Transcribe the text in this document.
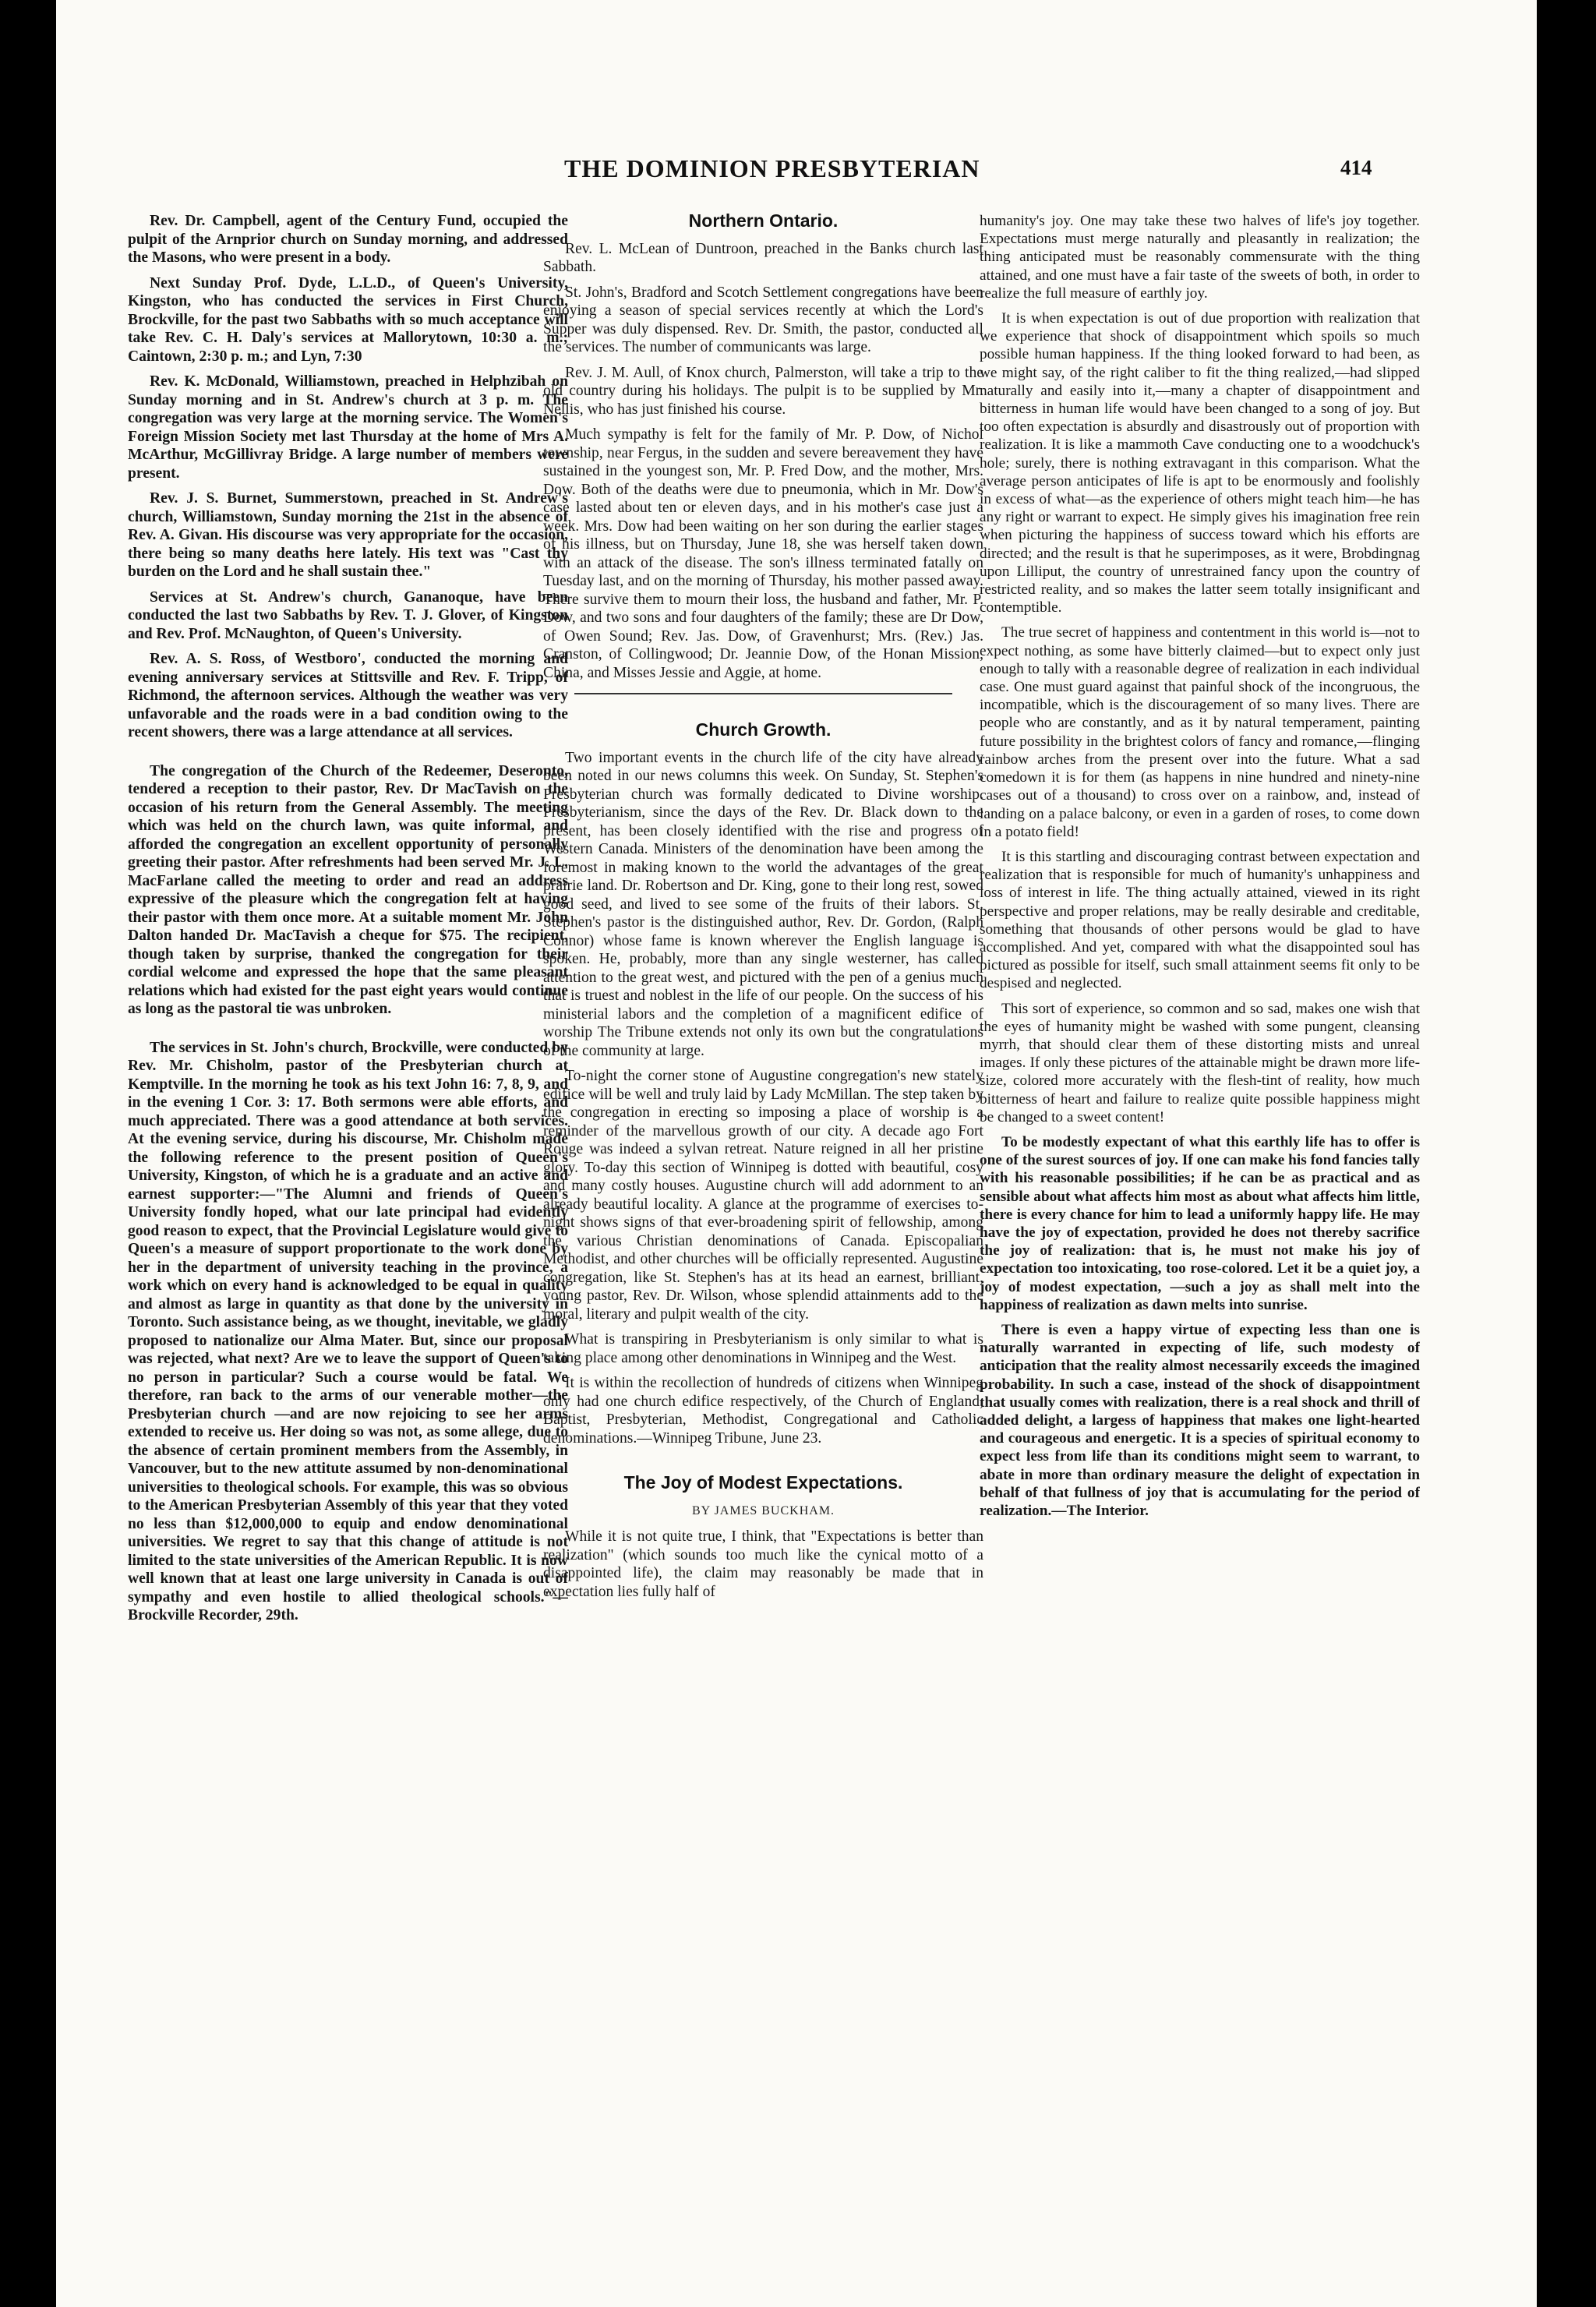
THE DOMINION PRESBYTERIAN	414

Rev. Dr. Campbell, agent of the Century Fund, occupied the pulpit of the Arnprior church on Sunday morning, and addressed the Masons, who were present in a body.

Next Sunday Prof. Dyde, L.L.D., of Queen's University, Kingston, who has conducted the services in First Church, Brockville, for the past two Sabbaths with so much acceptance will take Rev. C. H. Daly's services at Mallorytown, 10:30 a. m.; Caintown, 2:30 p. m.; and Lyn, 7:30

Rev. K. McDonald, Williamstown, preached in Helphzibah on Sunday morning and in St. Andrew's church at 3 p. m. The congregation was very large at the morning service. The Women's Foreign Mission Society met last Thursday at the home of Mrs A. McArthur, McGillivray Bridge. A large number of members were present.

Rev. J. S. Burnet, Summerstown, preached in St. Andrew's church, Williamstown, Sunday morning the 21st in the absence of Rev. A. Givan. His discourse was very appropriate for the occasion, there being so many deaths here lately. His text was "Cast thy burden on the Lord and he shall sustain thee."

Services at St. Andrew's church, Gananoque, have been conducted the last two Sabbaths by Rev. T. J. Glover, of Kingston and Rev. Prof. McNaughton, of Queen's University.

Rev. A. S. Ross, of Westboro', conducted the morning and evening anniversary services at Stittsville and Rev. F. Tripp, of Richmond, the afternoon services. Although the weather was very unfavorable and the roads were in a bad condition owing to the recent showers, there was a large attendance at all services.

The congregation of the Church of the Redeemer, Deseronto, tendered a reception to their pastor, Rev. Dr MacTavish on the occasion of his return from the General Assembly. The meeting which was held on the church lawn, was quite informal, and afforded the congregation an excellent opportunity of personally greeting their pastor. After refreshments had been served Mr. J. L. MacFarlane called the meeting to order and read an address expressive of the pleasure which the congregation felt at having their pastor with them once more. At a suitable moment Mr. John Dalton handed Dr. MacTavish a cheque for $75. The recipient, though taken by surprise, thanked the congregation for their cordial welcome and expressed the hope that the same pleasant relations which had existed for the past eight years would continue as long as the pastoral tie was unbroken.

The services in St. John's church, Brockville, were conducted by Rev. Mr. Chisholm, pastor of the Presbyterian church at Kemptville. In the morning he took as his text John 16: 7, 8, 9, and in the evening 1 Cor. 3: 17. Both sermons were able efforts, and much appreciated. There was a good attendance at both services. At the evening service, during his discourse, Mr. Chisholm made the following reference to the present position of Queen's University, Kingston, of which he is a graduate and an active and earnest supporter:—"The Alumni and friends of Queen's University fondly hoped, what our late principal had evidently good reason to expect, that the Provincial Legislature would give to Queen's a measure of support proportionate to the work done by her in the department of university teaching in the province, a work which on every hand is acknowledged to be equal in quality and almost as large in quantity as that done by the university in Toronto. Such assistance being, as we thought, inevitable, we gladly proposed to nationalize our Alma Mater. But, since our proposal was rejected, what next? Are we to leave the support of Queen's to no person in particular? Such a course would be fatal. We therefore, ran back to the arms of our venerable mother—the Presbyterian church —and are now rejoicing to see her arms extended to receive us. Her doing so was not, as some allege, due to the absence of certain prominent members from the Assembly, in Vancouver, but to the new attitute assumed by non-denominational universities to theological schools. For example, this was so obvious to the American Presbyterian Assembly of this year that they voted no less than $12,000,000 to equip and endow denominational universities. We regret to say that this change of attitude is not limited to the state universities of the American Republic. It is now well known that at least one large university in Canada is out of sympathy and even hostile to allied theological schools."—Brockville Recorder, 29th.

Northern Ontario.

Rev. L. McLean of Duntroon, preached in the Banks church last Sabbath.

St. John's, Bradford and Scotch Settlement congregations have been enjoying a season of special services recently at which the Lord's Supper was duly dispensed. Rev. Dr. Smith, the pastor, conducted all the services. The number of communicants was large.

Rev. J. M. Aull, of Knox church, Palmerston, will take a trip to the old country during his holidays. The pulpit is to be supplied by Mr. Nellis, who has just finished his course.

Much sympathy is felt for the family of Mr. P. Dow, of Nichol township, near Fergus, in the sudden and severe bereavement they have sustained in the youngest son, Mr. P. Fred Dow, and the mother, Mrs. Dow. Both of the deaths were due to pneumonia, which in Mr. Dow's case lasted about ten or eleven days, and in his mother's case just a week. Mrs. Dow had been waiting on her son during the earlier stages of his illness, but on Thursday, June 18, she was herself taken down with an attack of the disease. The son's illness terminated fatally on Tuesday last, and on the morning of Thursday, his mother passed away. There survive them to mourn their loss, the husband and father, Mr. P. Dow, and two sons and four daughters of the family; these are Dr Dow, of Owen Sound; Rev. Jas. Dow, of Gravenhurst; Mrs. (Rev.) Jas. Cranston, of Collingwood; Dr. Jeannie Dow, of the Honan Mission, China, and Misses Jessie and Aggie, at home.

Church Growth.

Two important events in the church life of the city have already been noted in our news columns this week. On Sunday, St. Stephen's Presbyterian church was formally dedicated to Divine worship. Presbyterianism, since the days of the Rev. Dr. Black down to the present, has been closely identified with the rise and progress of Western Canada. Ministers of the denomination have been among the foremost in making known to the world the advantages of the great prairie land. Dr. Robertson and Dr. King, gone to their long rest, sowed good seed, and lived to see some of the fruits of their labors. St. Stephen's pastor is the distinguished author, Rev. Dr. Gordon, (Ralph Connor) whose fame is known wherever the English language is spoken. He, probably, more than any single westerner, has called attention to the great west, and pictured with the pen of a genius much that is truest and noblest in the life of our people. On the success of his ministerial labors and the completion of a magnificent edifice of worship The Tribune extends not only its own but the congratulations of the community at large.

To-night the corner stone of Augustine congregation's new stately edifice will be well and truly laid by Lady McMillan. The step taken by the congregation in erecting so imposing a place of worship is a reminder of the marvellous growth of our city. A decade ago Fort Rouge was indeed a sylvan retreat. Nature reigned in all her pristine glory. To-day this section of Winnipeg is dotted with beautiful, cosy and many costly houses. Augustine church will add adornment to an already beautiful locality. A glance at the programme of exercises to-night shows signs of that ever-broadening spirit of fellowship, among the various Christian denominations of Canada. Episcopalian Methodist, and other churches will be officially represented. Augustine congregation, like St. Stephen's has at its head an earnest, brilliant, young pastor, Rev. Dr. Wilson, whose splendid attainments add to the moral, literary and pulpit wealth of the city.

What is transpiring in Presbyterianism is only similar to what is taking place among other denominations in Winnipeg and the West.

It is within the recollection of hundreds of citizens when Winnipeg only had one church edifice respectively, of the Church of England, Baptist, Presbyterian, Methodist, Congregational and Catholic denominations.—Winnipeg Tribune, June 23.

The Joy of Modest Expectations.
BY JAMES BUCKHAM.

While it is not quite true, I think, that "Expectations is better than realization" (which sounds too much like the cynical motto of a disappointed life), the claim may reasonably be made that in expectation lies fully half of

humanity's joy. One may take these two halves of life's joy together. Expectations must merge naturally and pleasantly in realization; the thing anticipated must be reasonably commensurate with the thing attained, and one must have a fair taste of the sweets of both, in order to realize the full measure of earthly joy.

It is when expectation is out of due proportion with realization that we experience that shock of disappointment which spoils so much possible human happiness. If the thing looked forward to had been, as we might say, of the right caliber to fit the thing realized,—had slipped naturally and easily into it,—many a chapter of disappointment and bitterness in human life would have been changed to a song of joy. But too often expectation is absurdly and disastrously out of proportion with realization. It is like a mammoth Cave conducting one to a woodchuck's hole; surely, there is nothing extravagant in this comparison. What the average person anticipates of life is apt to be enormously and foolishly in excess of what—as the experience of others might teach him—he has any right or warrant to expect. He simply gives his imagination free rein when picturing the happiness of success toward which his efforts are directed; and the result is that he superimposes, as it were, Brobdingnag upon Lilliput, the country of unrestrained fancy upon the country of restricted reality, and so makes the latter seem totally insignificant and contemptible.

The true secret of happiness and contentment in this world is—not to expect nothing, as some have bitterly claimed—but to expect only just enough to tally with a reasonable degree of realization in each individual case. One must guard against that painful shock of the incongruous, the incompatible, which is the discouragement of so many lives. There are people who are constantly, and as it by natural temperament, painting future possibility in the brightest colors of fancy and romance,—flinging rainbow arches from the present over into the future. What a sad comedown it is for them (as happens in nine hundred and ninety-nine cases out of a thousand) to cross over on a rainbow, and, instead of landing on a palace balcony, or even in a garden of roses, to come down in a potato field!

It is this startling and discouraging contrast between expectation and realization that is responsible for much of humanity's unhappiness and loss of interest in life. The thing actually attained, viewed in its right perspective and proper relations, may be really desirable and creditable, something that thousands of other persons would be glad to have accomplished. And yet, compared with what the disappointed soul has pictured as possible for itself, such small attainment seems fit only to be despised and neglected.

This sort of experience, so common and so sad, makes one wish that the eyes of humanity might be washed with some pungent, cleansing myrrh, that should clear them of these distorting mists and unreal images. If only these pictures of the attainable might be drawn more life-size, colored more accurately with the flesh-tint of reality, how much bitterness of heart and failure to realize quite possible happiness might be changed to a sweet content!

To be modestly expectant of what this earthly life has to offer is one of the surest sources of joy. If one can make his fond fancies tally with his reasonable possibilities; if he can be as practical and as sensible about what affects him most as about what affects him little, there is every chance for him to lead a uniformly happy life. He may have the joy of expectation, provided he does not thereby sacrifice the joy of realization: that is, he must not make his joy of expectation too intoxicating, too rose-colored. Let it be a quiet joy, a joy of modest expectation, —such a joy as shall melt into the happiness of realization as dawn melts into sunrise.

There is even a happy virtue of expecting less than one is naturally warranted in expecting of life, such modesty of anticipation that the reality almost necessarily exceeds the imagined probability. In such a case, instead of the shock of disappointment that usually comes with realization, there is a real shock and thrill of added delight, a largess of happiness that makes one light-hearted and courageous and energetic. It is a species of spiritual economy to expect less from life than its conditions might seem to warrant, to abate in more than ordinary measure the delight of expectation in behalf of that fullness of joy that is accumulating for the period of realization.—The Interior.
